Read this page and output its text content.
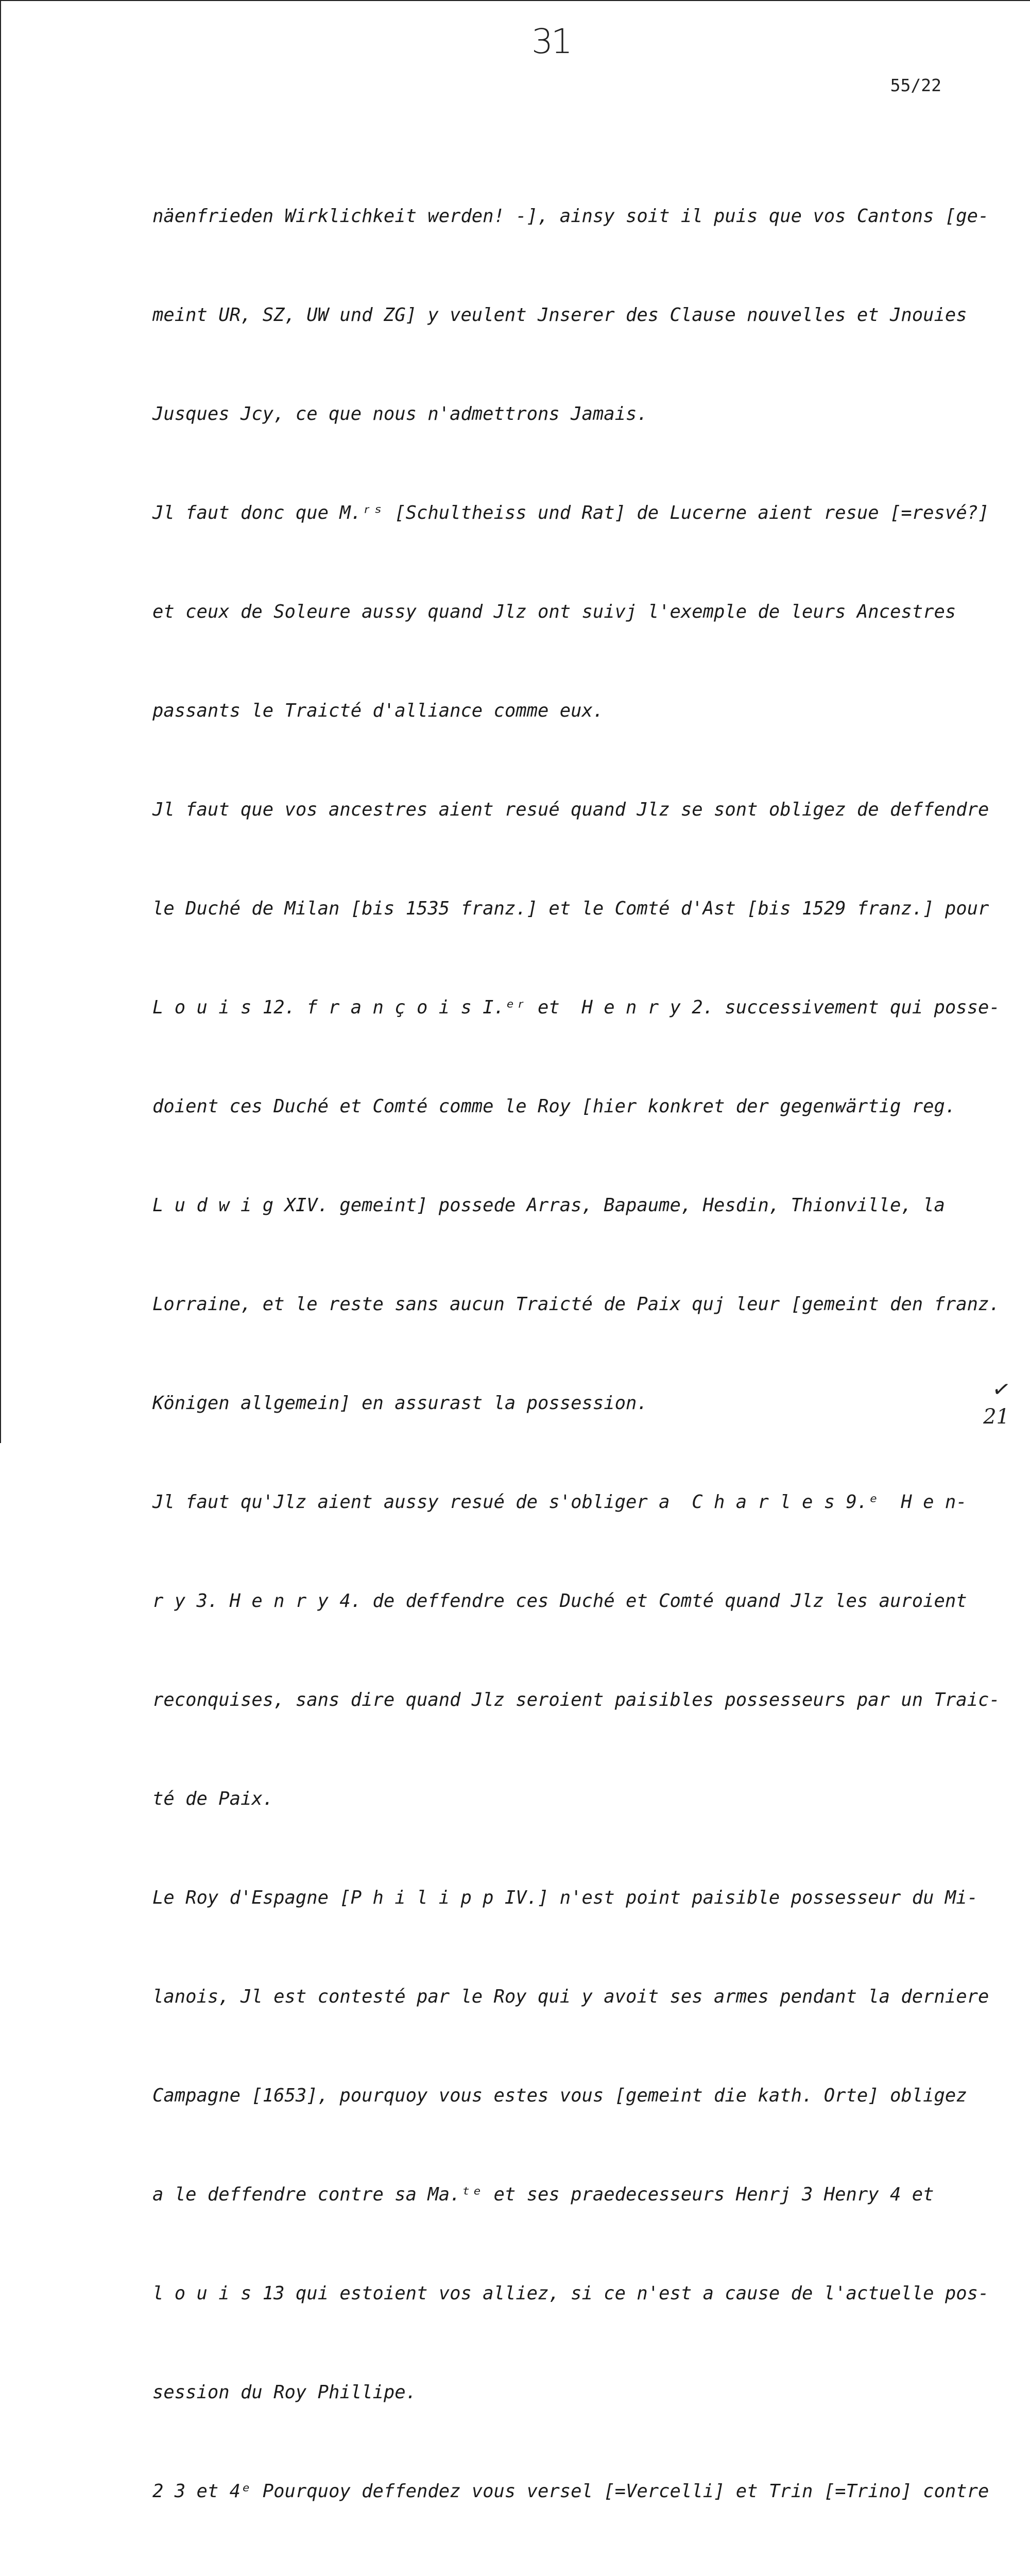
31
55/22

näenfrieden Wirklichkeit werden! -], ainsy soit il puis que vos Cantons [ge-

meint UR, SZ, UW und ZG] y veulent Jnserer des Clause nouvelles et Jnouies

Jusques Jcy, ce que nous n'admettrons Jamais.

Jl faut donc que M.ʳˢ [Schultheiss und Rat] de Lucerne aient resue [=resvé?]

et ceux de Soleure aussy quand Jlz ont suivj l'exemple de leurs Ancestres

passants le Traicté d'alliance comme eux.

Jl faut que vos ancestres aient resué quand Jlz se sont obligez de deffendre

le Duché de Milan [bis 1535 franz.] et le Comté d'Ast [bis 1529 franz.] pour

L o u i s 12. f r a n ç o i s I.ᵉʳ et  H e n r y 2. successivement qui posse-

doient ces Duché et Comté comme le Roy [hier konkret der gegenwärtig reg.

L u d w i g XIV. gemeint] possede Arras, Bapaume, Hesdin, Thionville, la

Lorraine, et le reste sans aucun Traicté de Paix quj leur [gemeint den franz.

Königen allgemein] en assurast la possession.

Jl faut qu'Jlz aient aussy resué de s'obliger a  C h a r l e s 9.ᵉ  H e n-

r y 3. H e n r y 4. de deffendre ces Duché et Comté quand Jlz les auroient

reconquises, sans dire quand Jlz seroient paisibles possesseurs par un Traic-

té de Paix.

Le Roy d'Espagne [P h i l i p p IV.] n'est point paisible possesseur du Mi-

lanois, Jl est contesté par le Roy qui y avoit ses armes pendant la derniere

Campagne [1653], pourquoy vous estes vous [gemeint die kath. Orte] obligez

a le deffendre contre sa Ma.ᵗᵉ et ses praedecesseurs Henrj 3 Henry 4 et

l o u i s 13 qui estoient vos alliez, si ce n'est a cause de l'actuelle pos-

session du Roy Phillipe.

2 3 et 4ᵉ Pourquoy deffendez vous versel [=Vercelli] et Trin [=Trino] contre

✓
21
